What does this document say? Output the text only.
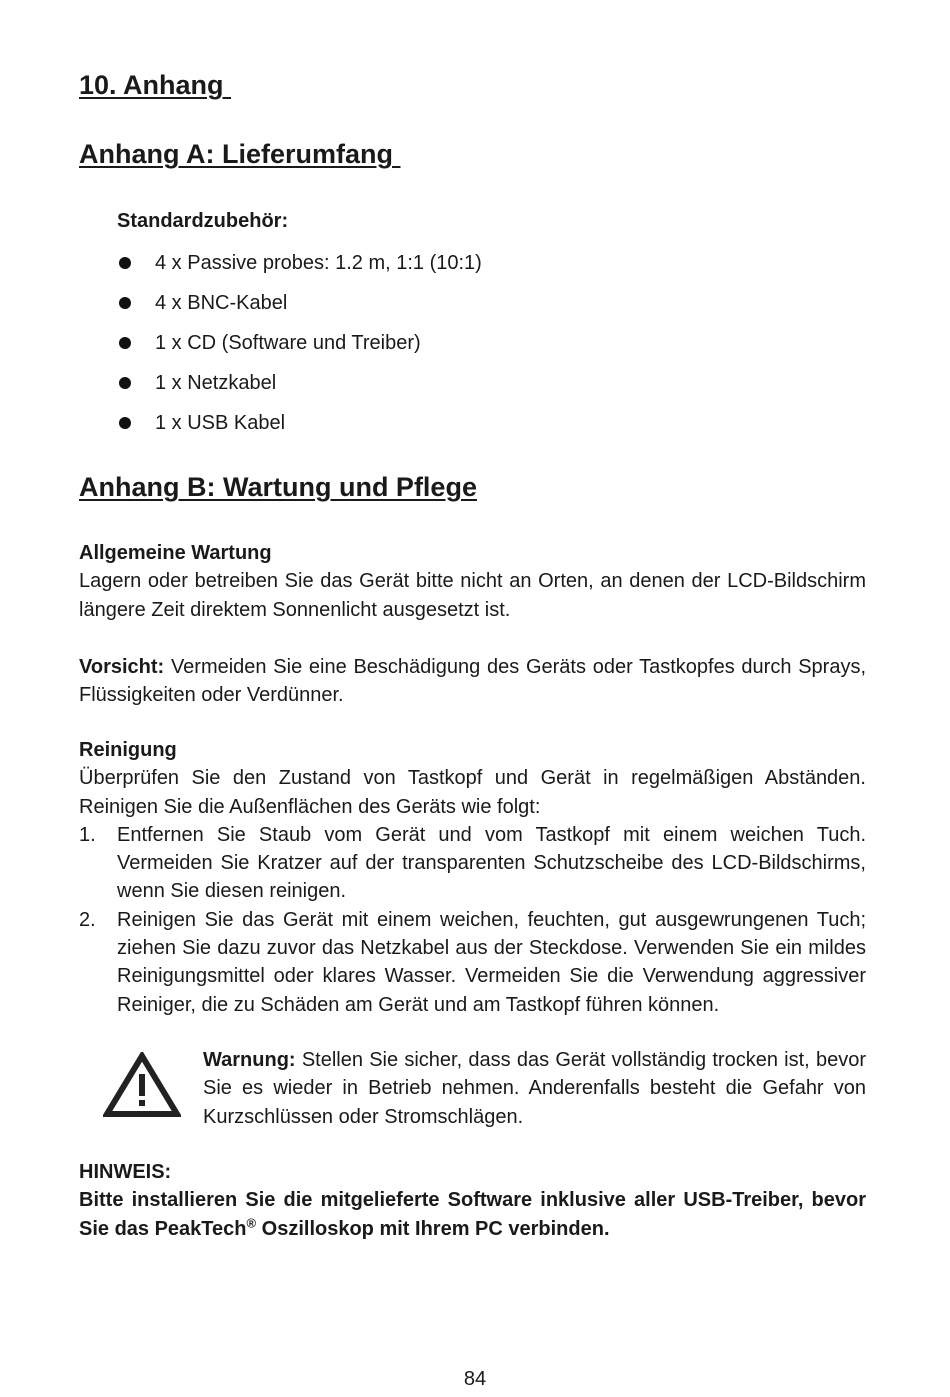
10. Anhang
Anhang A: Lieferumfang
Standardzubehör:
4 x Passive probes: 1.2 m, 1:1 (10:1)
4 x BNC-Kabel
1 x CD (Software und Treiber)
1 x Netzkabel
1 x USB Kabel
Anhang B: Wartung und Pflege
Allgemeine Wartung
Lagern oder betreiben Sie das Gerät bitte nicht an Orten, an denen der LCD-Bildschirm längere Zeit direktem Sonnenlicht ausgesetzt ist.
Vorsicht: Vermeiden Sie eine Beschädigung des Geräts oder Tastkopfes durch Sprays, Flüssigkeiten oder Verdünner.
Reinigung
Überprüfen Sie den Zustand von Tastkopf und Gerät in regelmäßigen Abständen. Reinigen Sie die Außenflächen des Geräts wie folgt:
1. Entfernen Sie Staub vom Gerät und vom Tastkopf mit einem weichen Tuch. Vermeiden Sie Kratzer auf der transparenten Schutzscheibe des LCD-Bildschirms, wenn Sie diesen reinigen.
2. Reinigen Sie das Gerät mit einem weichen, feuchten, gut ausgewrungenen Tuch; ziehen Sie dazu zuvor das Netzkabel aus der Steckdose. Verwenden Sie ein mildes Reinigungsmittel oder klares Wasser. Vermeiden Sie die Verwendung aggressiver Reiniger, die zu Schäden am Gerät und am Tastkopf führen können.
Warnung: Stellen Sie sicher, dass das Gerät vollständig trocken ist, bevor Sie es wieder in Betrieb nehmen. Anderenfalls besteht die Gefahr von Kurzschlüssen oder Stromschlägen.
HINWEIS:
Bitte installieren Sie die mitgelieferte Software inklusive aller USB-Treiber, bevor Sie das PeakTech® Oszilloskop mit Ihrem PC verbinden.
84
